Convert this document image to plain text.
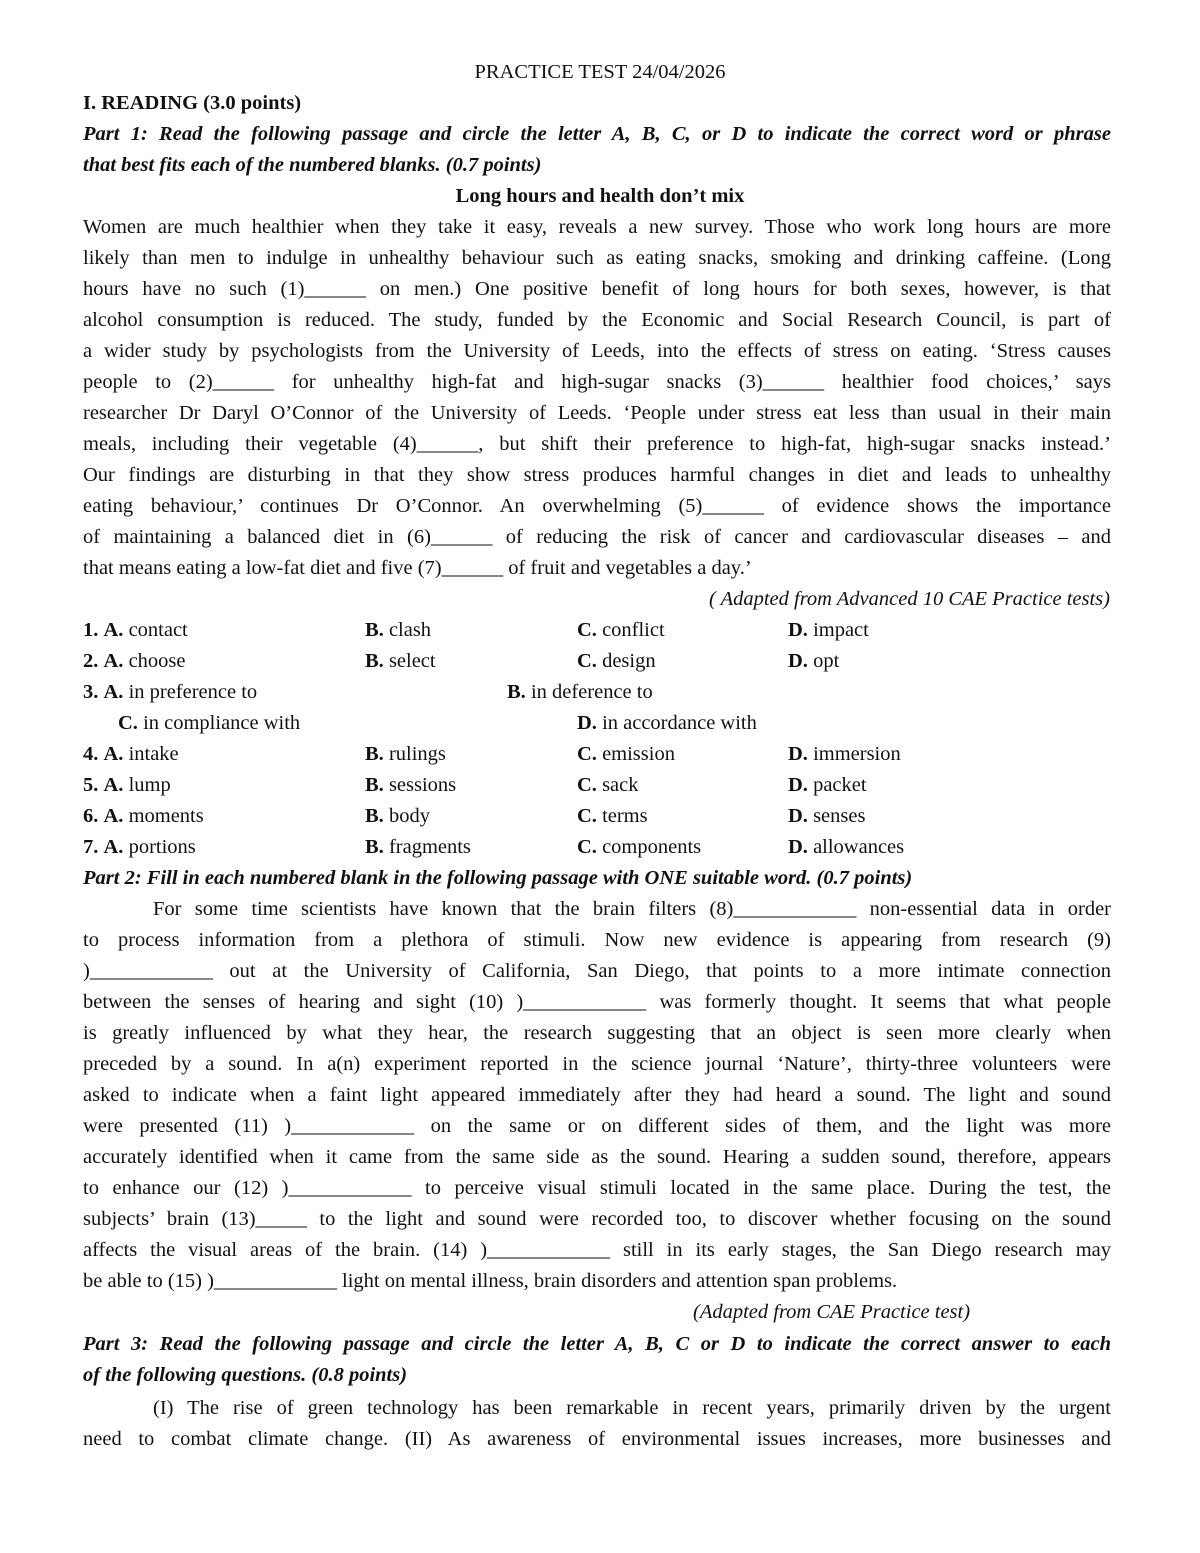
PRACTICE TEST 24/04/2026
I. READING (3.0 points)
Part 1: Read the following passage and circle the letter A, B, C, or D to indicate the correct word or phrase
that best fits each of the numbered blanks. (0.7 points)
Long hours and health don’t mix
Women are much healthier when they take it easy, reveals a new survey. Those who work long hours are more
likely than men to indulge in unhealthy behaviour such as eating snacks, smoking and drinking caffeine. (Long
hours have no such (1)______ on men.) One positive benefit of long hours for both sexes, however, is that
alcohol consumption is reduced. The study, funded by the Economic and Social Research Council, is part of
a wider study by psychologists from the University of Leeds, into the effects of stress on eating. ‘Stress causes
people to (2)______ for unhealthy high-fat and high-sugar snacks (3)______ healthier food choices,’ says
researcher Dr Daryl O’Connor of the University of Leeds. ‘People under stress eat less than usual in their main
meals, including their vegetable (4)______, but shift their preference to high-fat, high-sugar snacks instead.’
Our findings are disturbing in that they show stress produces harmful changes in diet and leads to unhealthy
eating behaviour,’ continues Dr O’Connor. An overwhelming (5)______ of evidence shows the importance
of maintaining a balanced diet in (6)______ of reducing the risk of cancer and cardiovascular diseases – and
that means eating a low-fat diet and five (7)______ of fruit and vegetables a day.’
( Adapted from Advanced 10 CAE Practice tests)
1. A. contact	B. clash	C. conflict	D. impact
2. A. choose	B. select	C. design	D. opt
3. A. in preference to	B. in deference to
C. in compliance with	D. in accordance with
4. A. intake	B. rulings	C. emission	D. immersion
5. A. lump	B. sessions	C. sack	D. packet
6. A. moments	B. body	C. terms	D. senses
7. A. portions	B. fragments	C. components	D. allowances
Part 2: Fill in each numbered blank in the following passage with ONE suitable word. (0.7 points)
For some time scientists have known that the brain filters (8)____________ non-essential data in order
to process information from a plethora of stimuli. Now new evidence is appearing from research (9)
)____________ out at the University of California, San Diego, that points to a more intimate connection
between the senses of hearing and sight (10) )____________ was formerly thought. It seems that what people
is greatly influenced by what they hear, the research suggesting that an object is seen more clearly when
preceded by a sound. In a(n) experiment reported in the science journal ‘Nature’, thirty-three volunteers were
asked to indicate when a faint light appeared immediately after they had heard a sound. The light and sound
were presented (11) )____________ on the same or on different sides of them, and the light was more
accurately identified when it came from the same side as the sound. Hearing a sudden sound, therefore, appears
to enhance our (12) )____________ to perceive visual stimuli located in the same place. During the test, the
subjects’ brain (13)_____ to the light and sound were recorded too, to discover whether focusing on the sound
affects the visual areas of the brain. (14) )____________ still in its early stages, the San Diego research may
be able to (15) )____________ light on mental illness, brain disorders and attention span problems.
(Adapted from CAE Practice test)
Part 3: Read the following passage and circle the letter A, B, C or D to indicate the correct answer to each
of the following questions. (0.8 points)
(I) The rise of green technology has been remarkable in recent years, primarily driven by the urgent
need to combat climate change. (II) As awareness of environmental issues increases, more businesses and
